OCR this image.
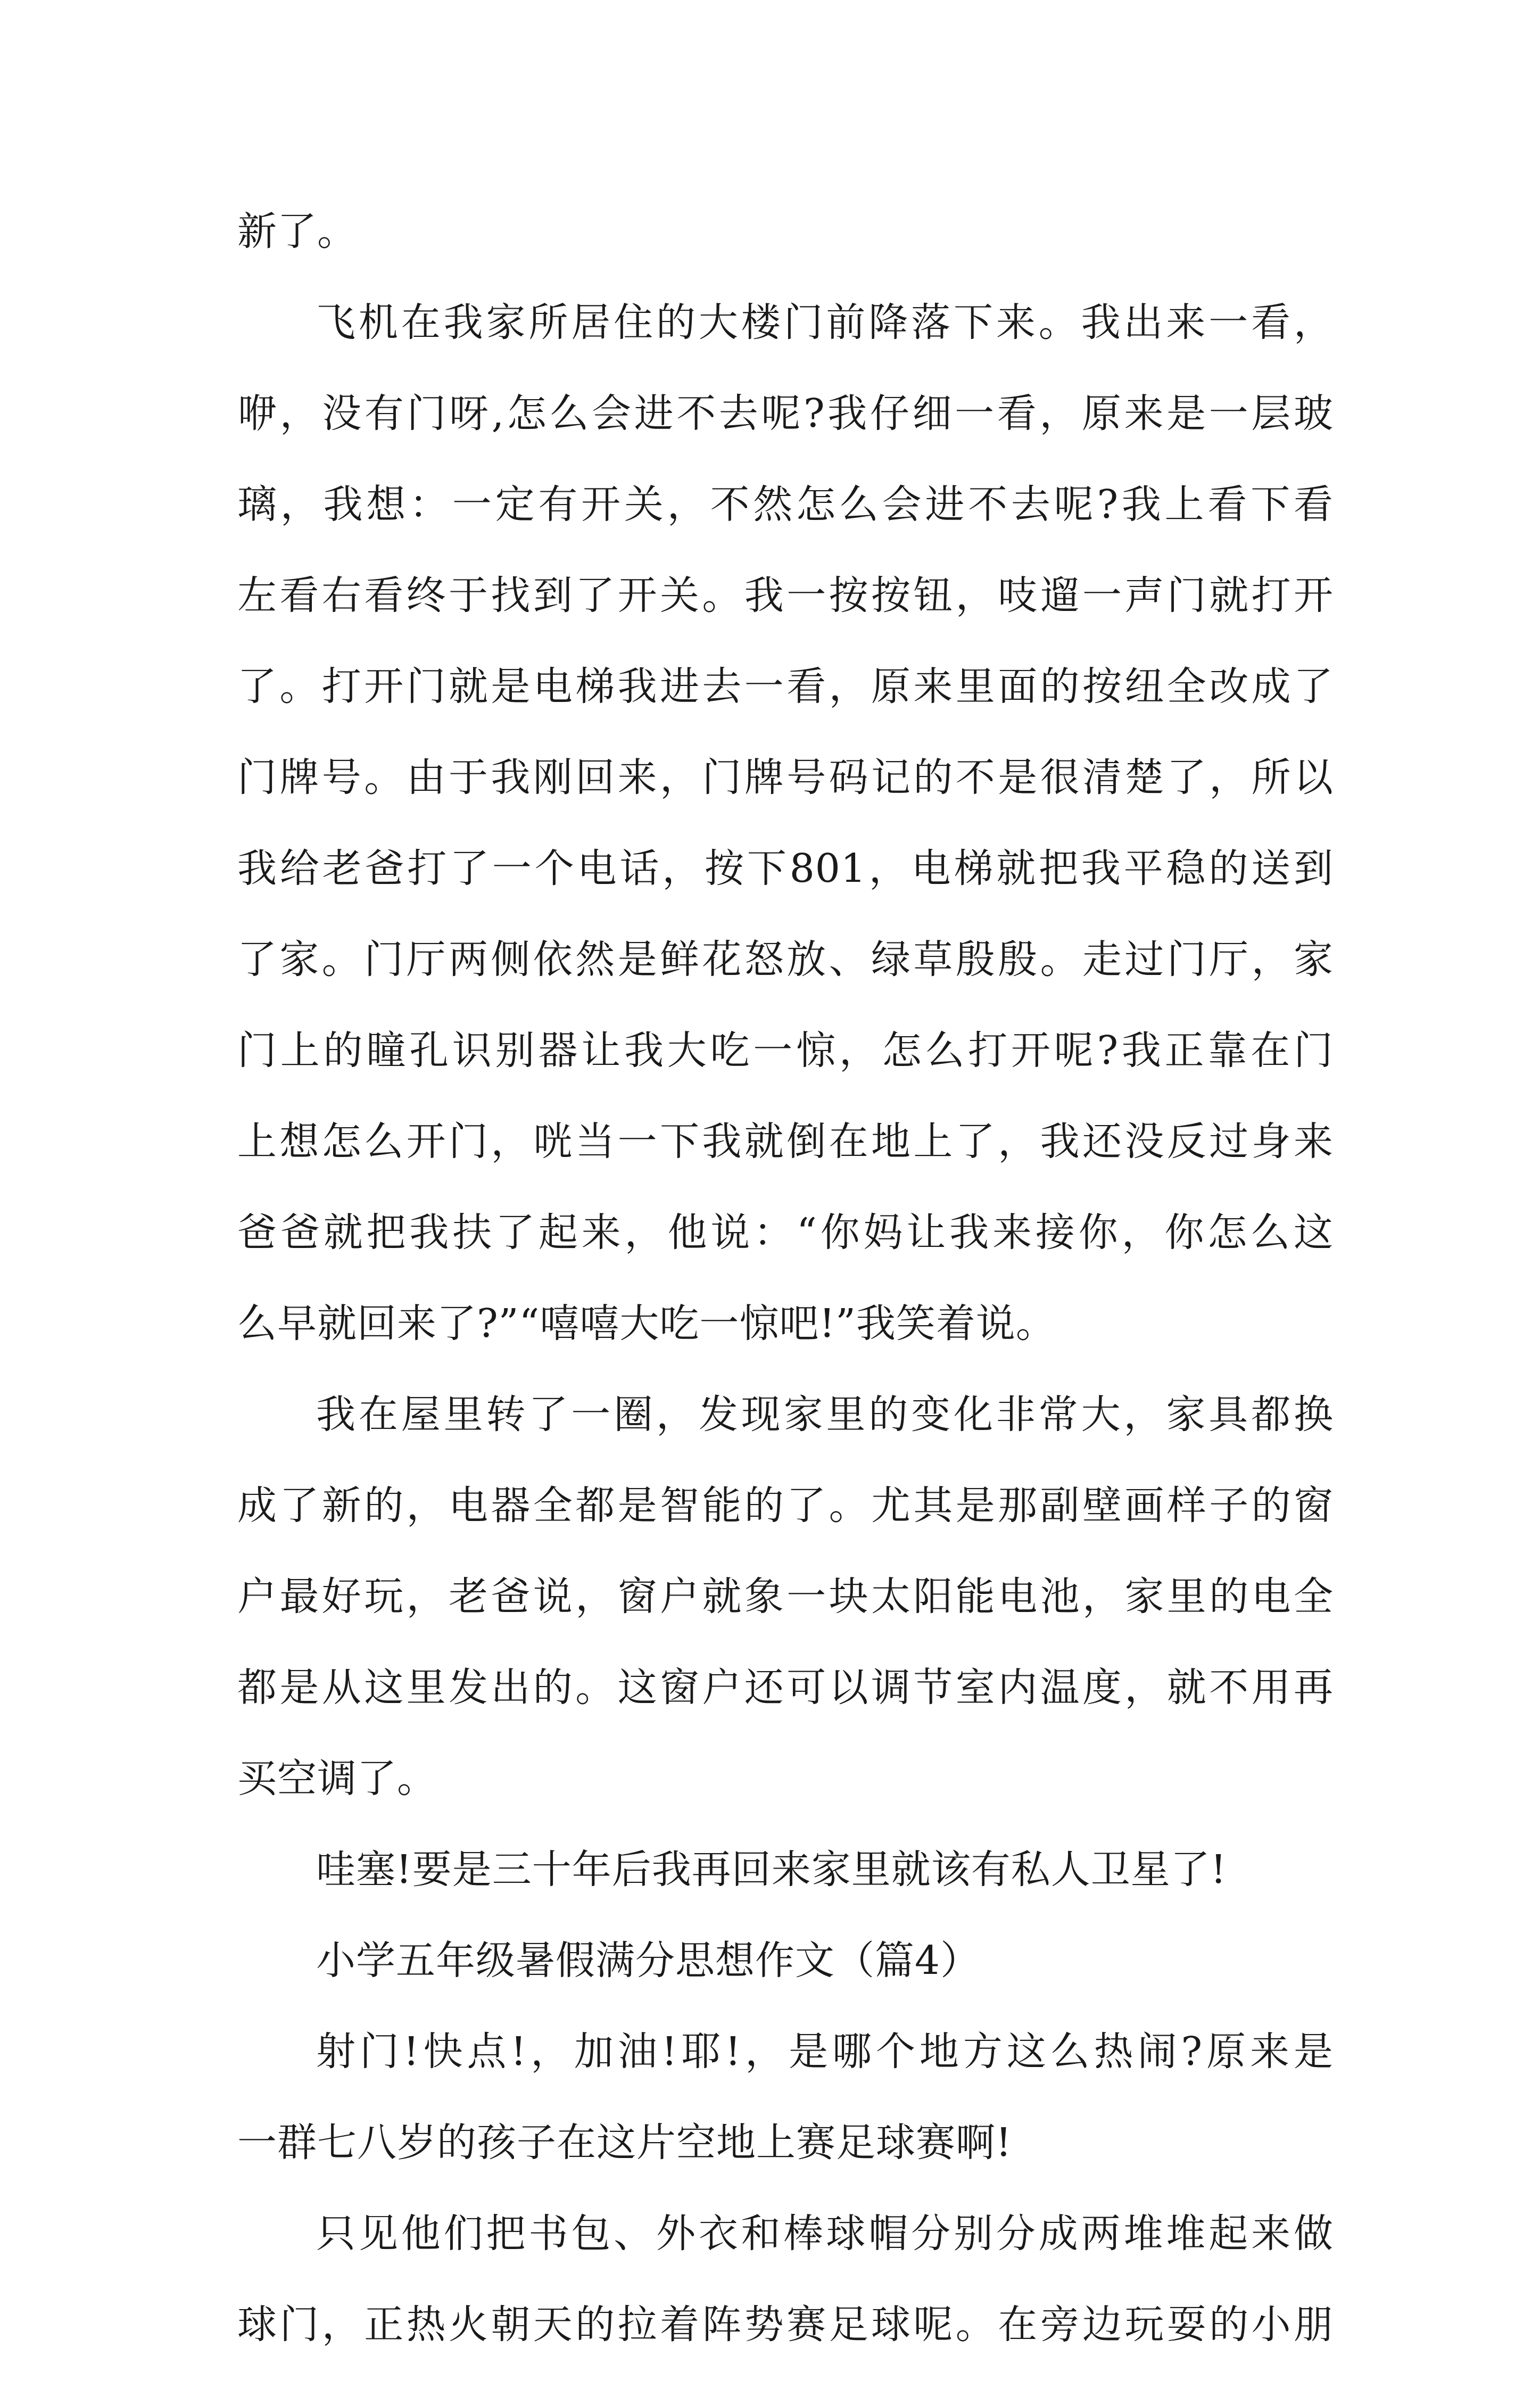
新了。
飞机在我家所居住的大楼门前降落下来。我出来一看，
咿，没有门呀,怎么会进不去呢?我仔细一看，原来是一层玻
璃，我想：一定有开关，不然怎么会进不去呢?我上看下看
左看右看终于找到了开关。我一按按钮，吱遛一声门就打开
了。打开门就是电梯我进去一看，原来里面的按纽全改成了
门牌号。由于我刚回来，门牌号码记的不是很清楚了，所以
我给老爸打了一个电话，按下801，电梯就把我平稳的送到
了家。门厅两侧依然是鲜花怒放、绿草殷殷。走过门厅，家
门上的瞳孔识别器让我大吃一惊，怎么打开呢?我正靠在门
上想怎么开门，咣当一下我就倒在地上了，我还没反过身来
爸爸就把我扶了起来，他说：“你妈让我来接你，你怎么这
么早就回来了?”“嘻嘻大吃一惊吧!”我笑着说。
我在屋里转了一圈，发现家里的变化非常大，家具都换
成了新的，电器全都是智能的了。尤其是那副壁画样子的窗
户最好玩，老爸说，窗户就象一块太阳能电池，家里的电全
都是从这里发出的。这窗户还可以调节室内温度，就不用再
买空调了。
哇塞!要是三十年后我再回来家里就该有私人卫星了!
小学五年级暑假满分思想作文（篇4）
射门!快点!，加油!耶!，是哪个地方这么热闹?原来是
一群七八岁的孩子在这片空地上赛足球赛啊!
只见他们把书包、外衣和棒球帽分别分成两堆堆起来做
球门，正热火朝天的拉着阵势赛足球呢。在旁边玩耍的小朋
